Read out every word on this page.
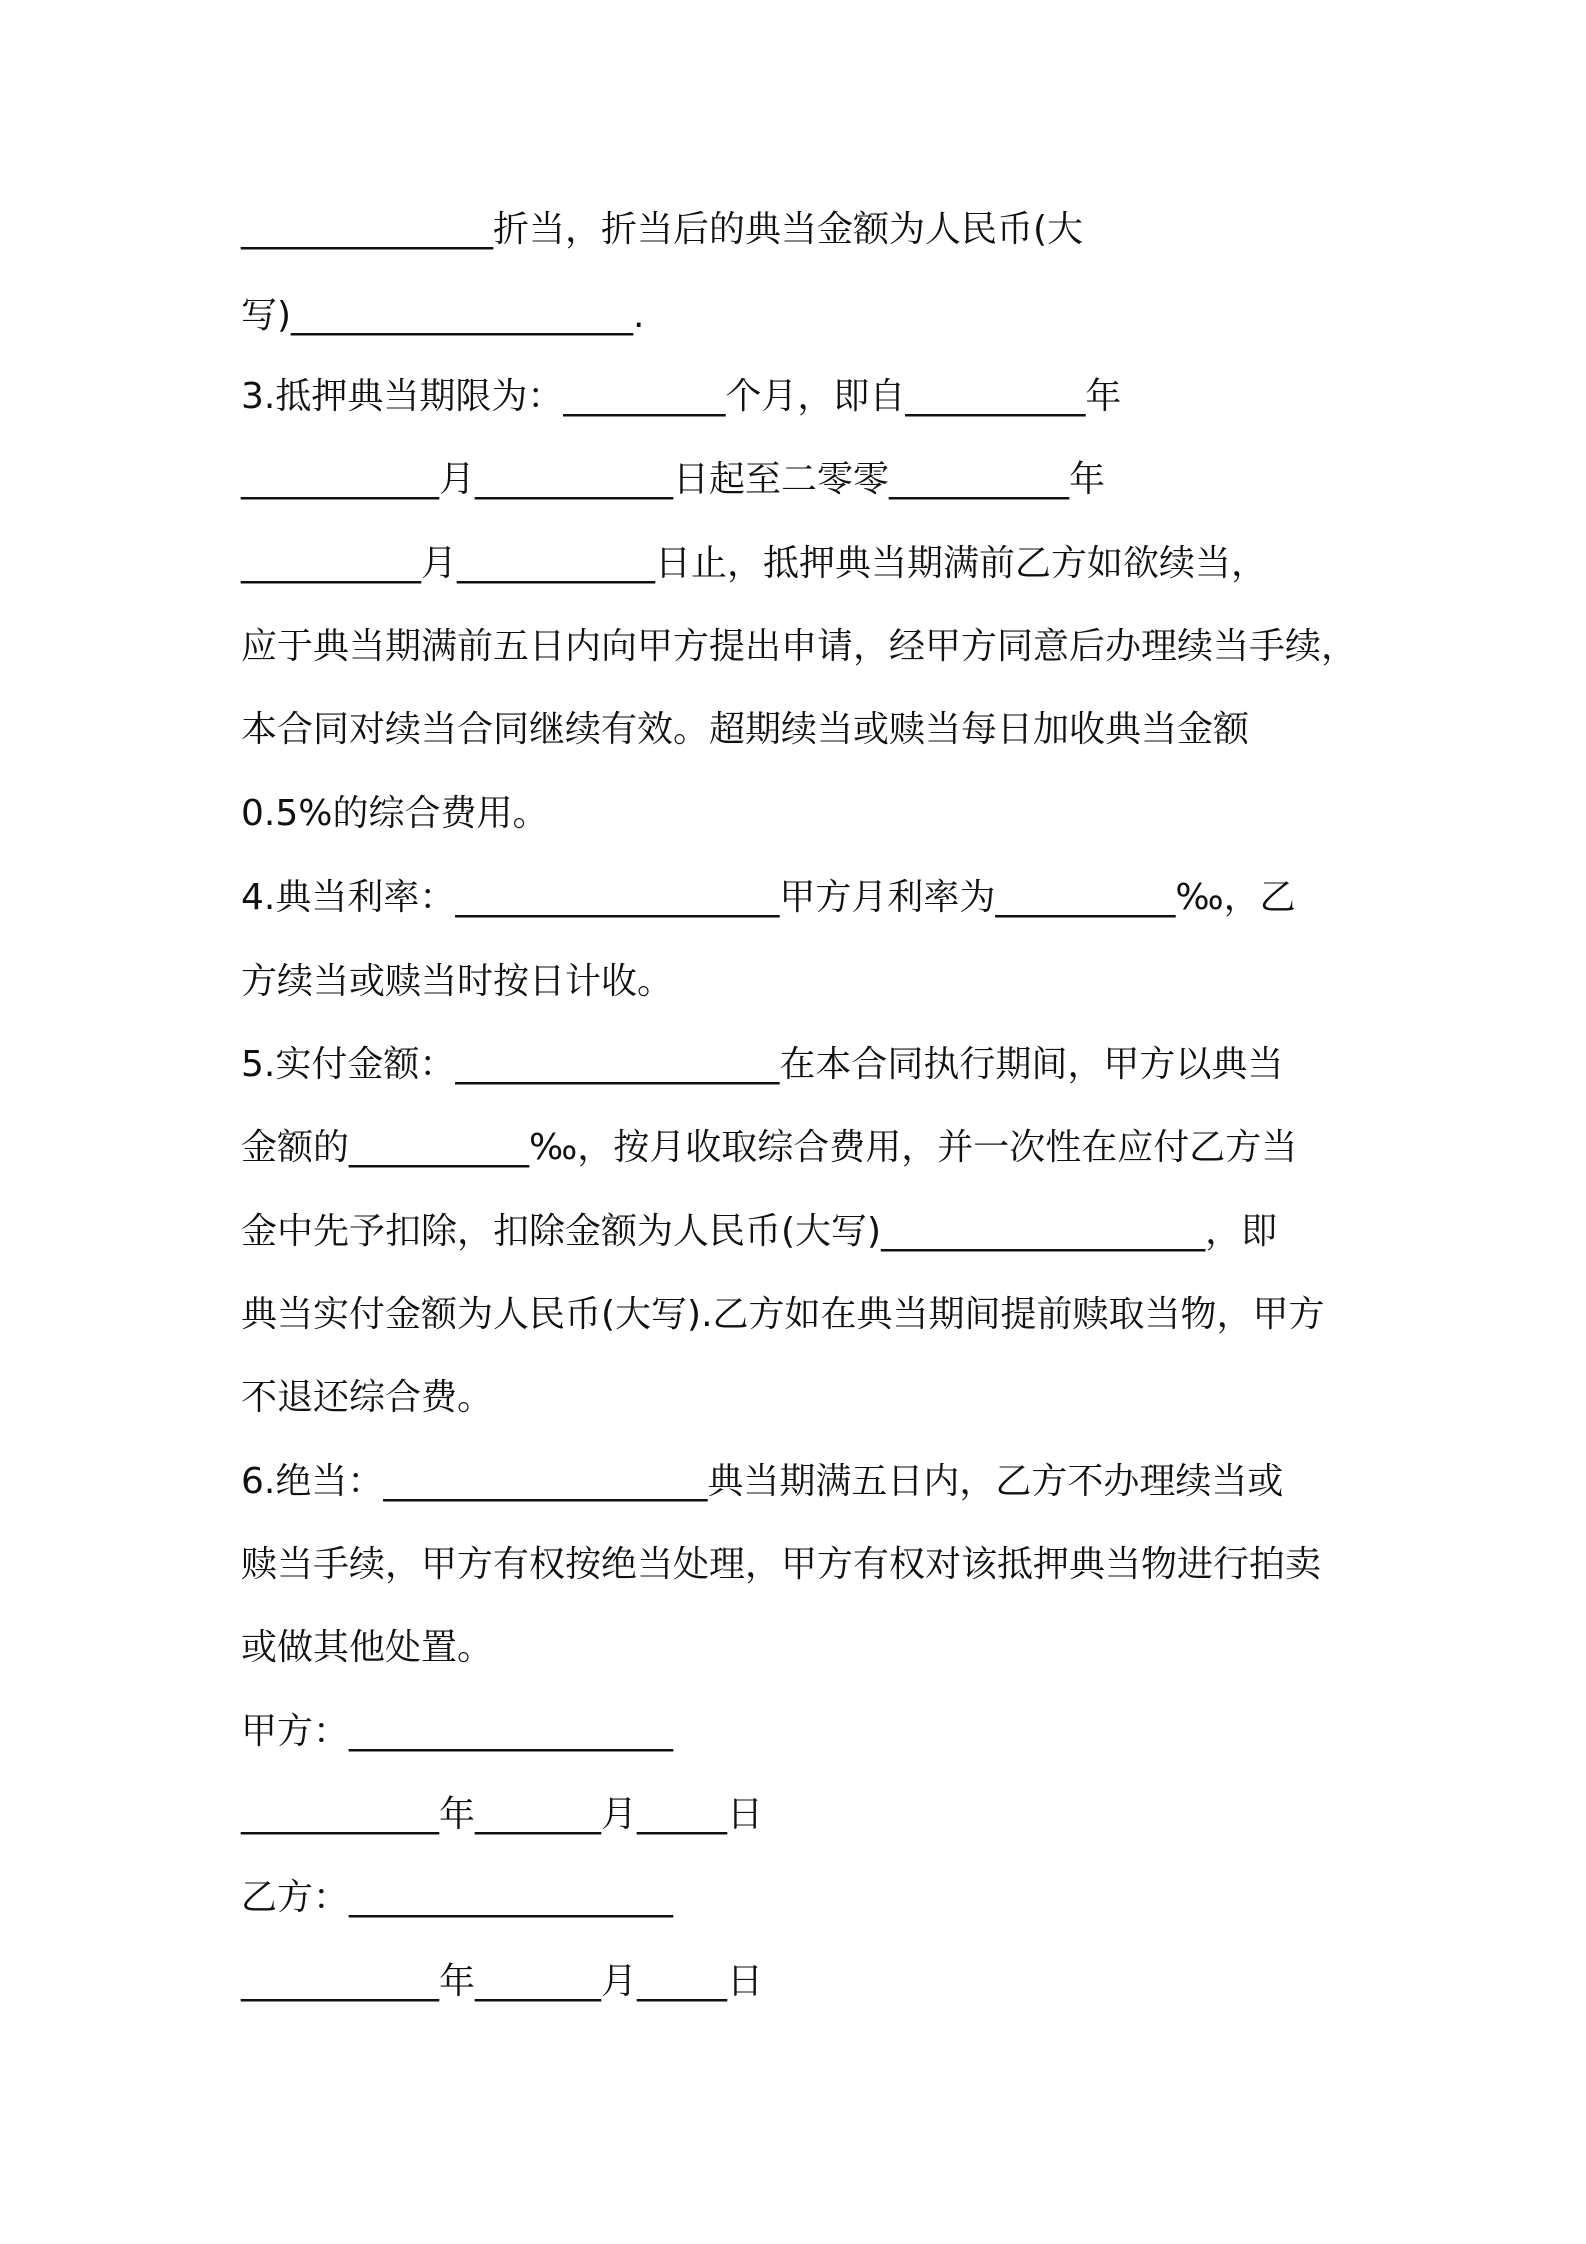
______________折当，折当后的典当金额为人民币(大
写)___________________.
3.抵押典当期限为：_________个月，即自__________年
___________月___________日起至二零零__________年
__________月___________日止，抵押典当期满前乙方如欲续当，
应于典当期满前五日内向甲方提出申请，经甲方同意后办理续当手续，
本合同对续当合同继续有效。超期续当或赎当每日加收典当金额
0.5%的综合费用。
4.典当利率：__________________甲方月利率为__________‰，乙
方续当或赎当时按日计收。
5.实付金额：__________________在本合同执行期间，甲方以典当
金额的__________‰，按月收取综合费用，并一次性在应付乙方当
金中先予扣除，扣除金额为人民币(大写)__________________，即
典当实付金额为人民币(大写).乙方如在典当期间提前赎取当物，甲方
不退还综合费。
6.绝当：__________________典当期满五日内，乙方不办理续当或
赎当手续，甲方有权按绝当处理，甲方有权对该抵押典当物进行拍卖
或做其他处置。
甲方：__________________
___________年_______月_____日
乙方：__________________
___________年_______月_____日
